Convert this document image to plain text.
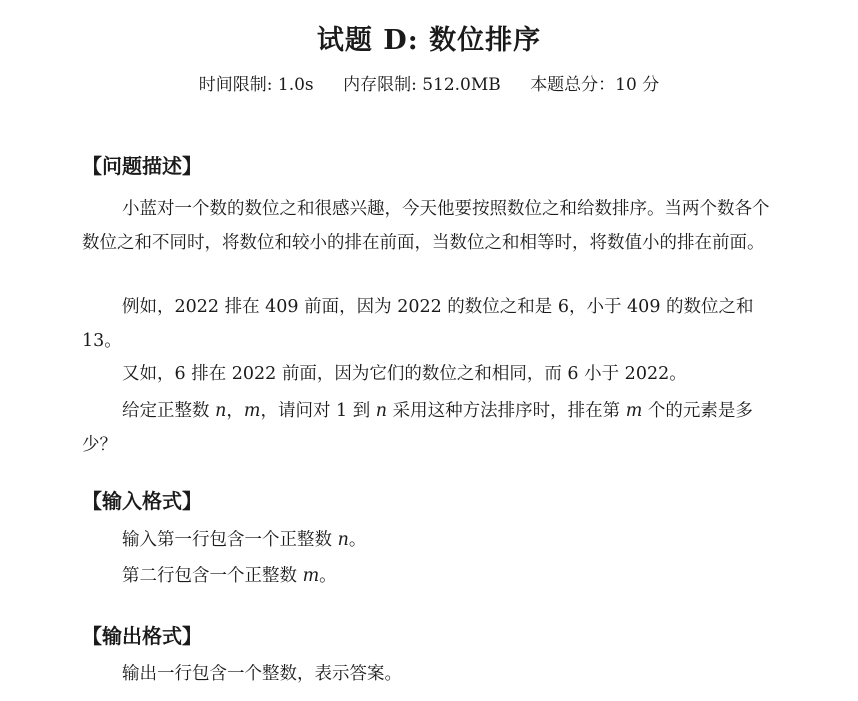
试题 D: 数位排序
时间限制: 1.0s 内存限制: 512.0MB 本题总分：10 分
【问题描述】

小蓝对一个数的数位之和很感兴趣，今天他要按照数位之和给数排序。当两个数各个数位之和不同时，将数位和较小的排在前面，当数位之和相等时，将数值小的排在前面。

例如，2022 排在 409 前面，因为 2022 的数位之和是 6，小于 409 的数位之和 13。

又如，6 排在 2022 前面，因为它们的数位之和相同，而 6 小于 2022。

给定正整数 n，m，请问对 1 到 n 采用这种方法排序时，排在第 m 个的元素是多少？

【输入格式】

输入第一行包含一个正整数 n。

第二行包含一个正整数 m。

【输出格式】

输出一行包含一个整数，表示答案。
